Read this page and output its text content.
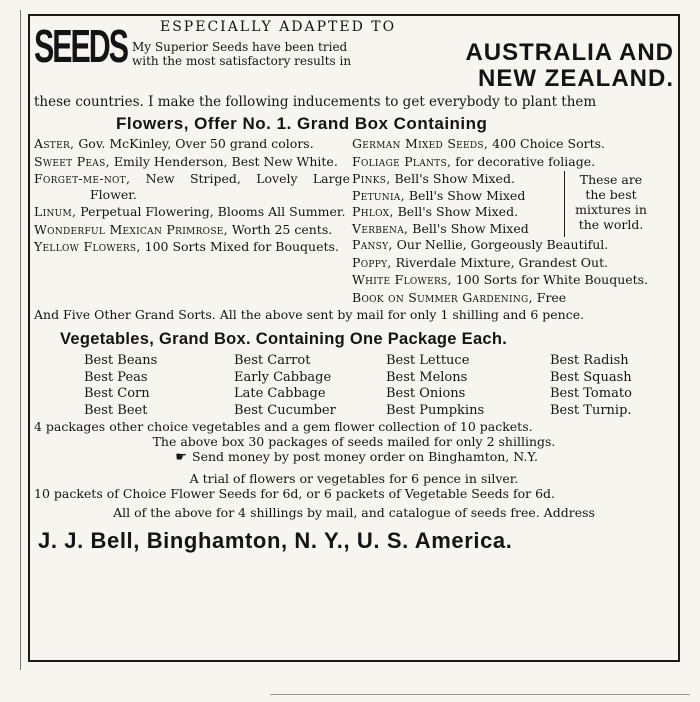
SEEDS ESPECIALLY ADAPTED TO
My Superior Seeds have been tried
with the most satisfactory results in	AUSTRALIA AND
NEW ZEALAND.
these countries. I make the following inducements to get everybody to plant them
Flowers, Offer No. 1. Grand Box Containing

Aster, Gov. McKinley, Over 50 grand colors.

Sweet Peas, Emily Henderson, Best New White.

Forget-me-not, New Striped, Lovely Large Flower.

Linum, Perpetual Flowering, Blooms All Summer.

Wonderful Mexican Primrose, Worth 25 cents.

Yellow Flowers, 100 Sorts Mixed for Bouquets.

German Mixed Seeds, 400 Choice Sorts.

Foliage Plants, for decorative foliage.

Pinks, Bell's Show Mixed.

Petunia, Bell's Show Mixed

Phlox, Bell's Show Mixed.

Verbena, Bell's Show Mixed

These are the best mixtures in the world.

Pansy, Our Nellie, Gorgeously Beautiful.

Poppy, Riverdale Mixture, Grandest Out.

White Flowers, 100 Sorts for White Bouquets.

Book on Summer Gardening, Free

And Five Other Grand Sorts. All the above sent by mail for only 1 shilling and 6 pence.
Vegetables, Grand Box. Containing One Package Each.
Best Beans	Best Carrot	Best Lettuce	Best Radish
Best Peas	Early Cabbage	Best Melons	Best Squash
Best Corn	Late Cabbage	Best Onions	Best Tomato
Best Beet	Best Cucumber	Best Pumpkins	Best Turnip.
4 packages other choice vegetables and a gem flower collection of 10 packets.
The above box 30 packages of seeds mailed for only 2 shillings.
☛ Send money by post money order on Binghamton, N.Y.
A trial of flowers or vegetables for 6 pence in silver.
10 packets of Choice Flower Seeds for 6d, or 6 packets of Vegetable Seeds for 6d.
All of the above for 4 shillings by mail, and catalogue of seeds free. Address
J. J. Bell, Binghamton, N. Y., U. S. America.
